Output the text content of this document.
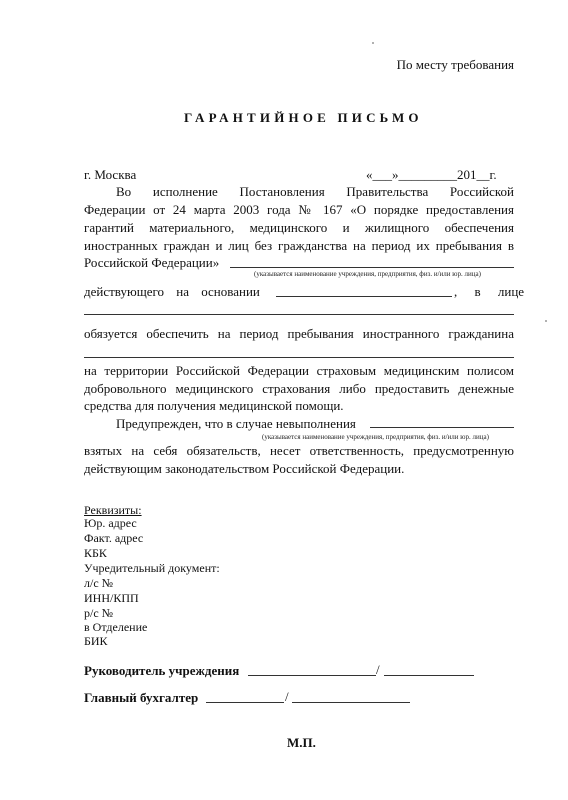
По месту требования
ГАРАНТИЙНОЕ ПИСЬМО
г. Москва	«___»_________201__г.
Во исполнение Постановления Правительства Российской
Федерации от 24 марта 2003 года № 167 «О порядке предоставления
гарантий материального, медицинского и жилищного обеспечения
иностранных граждан и лиц без гражданства на период их пребывания в
Российской Федерации»
(указывается наименование учреждения, предприятия, физ. и/или юр. лица)
действующего на основании	, в лице
обязуется обеспечить на период пребывания иностранного гражданина
на территории Российской Федерации страховым медицинским полисом
добровольного медицинского страхования либо предоставить денежные
средства для получения медицинской помощи.
Предупрежден, что в случае невыполнения
(указывается наименование учреждения, предприятия, физ. и/или юр. лица)
взятых на себя обязательств, несет ответственность, предусмотренную
действующим законодательством Российской Федерации.
Реквизиты:
Юр. адрес
Факт. адрес
КБК
Учредительный документ:
л/с №
ИНН/КПП
р/с №
в Отделение
БИК
Руководитель учреждения	/
Главный бухгалтер	/
М.П.
